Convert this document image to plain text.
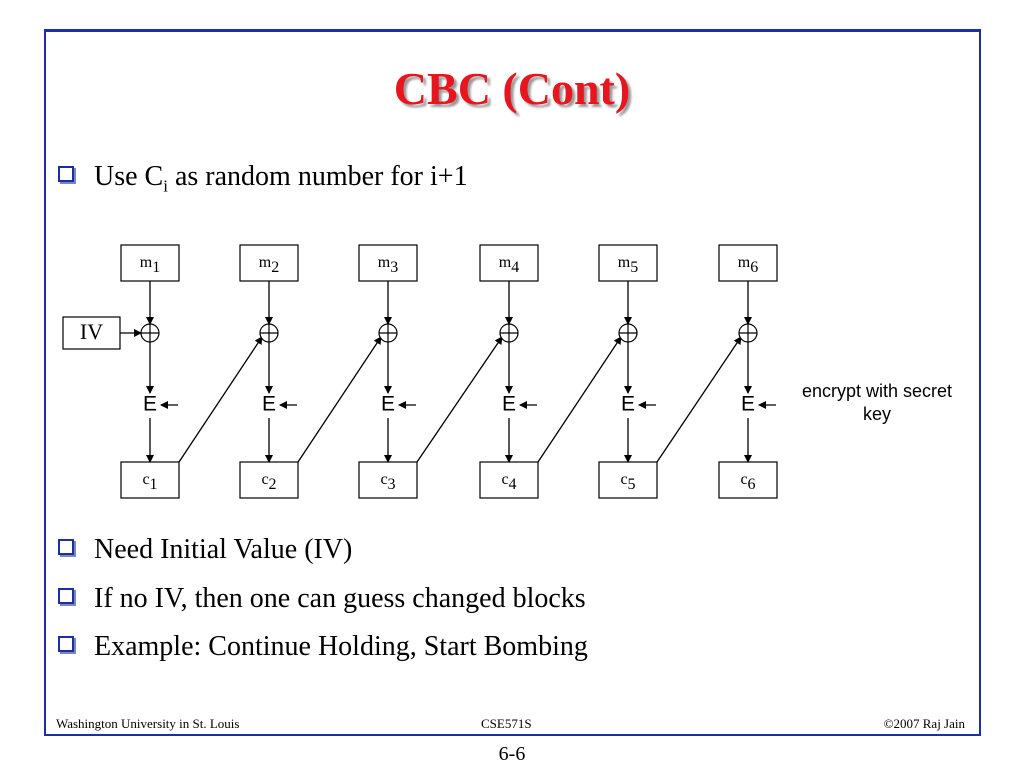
CBC (Cont)
Use $C_i$ as random number for i+1
m1
E
c1
m2
E
c2
m3
E
c3
m4
E
c4
m5
E
c5
m6
E
c6
IV
encrypt with secret
key
Need Initial Value (IV)
If no IV, then one can guess changed blocks
Example: Continue Holding, Start Bombing
Washington University in St. Louis	CSE571S	©2007 Raj Jain
6-6
